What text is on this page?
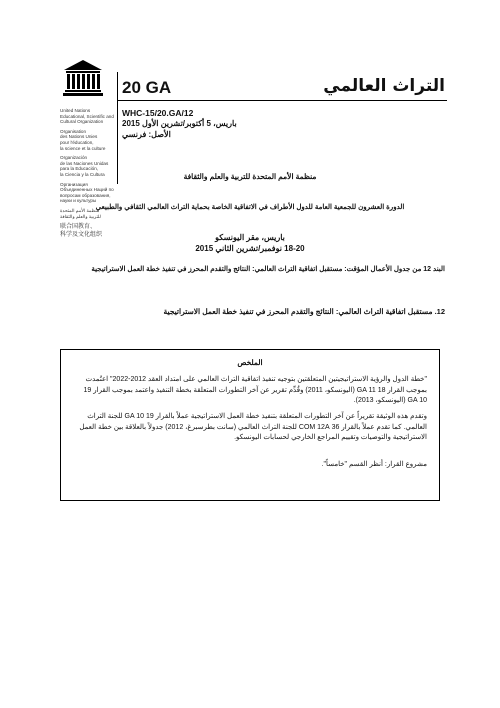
United Nations
Educational, Scientific and
Cultural Organization
Organisation
des Nations Unies
pour l'éducation,
la science et la culture
Organización
de las Naciones Unidas
para la Educación,
la Ciencia y la Cultura
Организация
Объединенных Наций по
вопросам образования,
науки и культуры
منظمة الأمم المتحدة
للتربية والعلم والثقافة
联合国教育、
科学及文化组织
20 GA	التراث العالمي
WHC-15/20.GA/12
باريس، 5 أكتوبر/تشرين الأول 2015
الأصل: فرنسي
منظمة الأمم المتحدة للتربية والعلم والثقافة
الدورة العشرون للجمعية العامة للدول الأطراف في الاتفاقية الخاصة بحماية التراث العالمي الثقافي والطبيعي
باريس، مقر اليونسكو
18-20 نوفمبر/تشرين الثاني 2015
البند 12 من جدول الأعمال المؤقت: مستقبل اتفاقية التراث العالمي: النتائج والتقدم المحرز في تنفيذ خطة العمل الاستراتيجية
12. مستقبل اتفاقية التراث العالمي: النتائج والتقدم المحرز في تنفيذ خطة العمل الاستراتيجية
الملخص
"خطة الدول والرؤية الاستراتيجيتين المتعلقتين بتوجيه تنفيذ اتفاقية التراث العالمي على امتداد العقد 2012-2022" اعتُمدت بموجب القرار 18 GA 11 (اليونسكو، 2011) وقُدِّم تقرير عن آخر التطورات المتعلقة بخطة التنفيذ واعتمد بموجب القرار 19 GA 10 (اليونسكو، 2013).
وتقدم هذه الوثيقة تقريراً عن آخر التطورات المتعلقة بتنفيذ خطة العمل الاستراتيجية عملاً بالقرار 19 GA 10 للجنة التراث العالمي. كما تقدم عملاً بالقرار 36 COM 12A للجنة التراث العالمي (سانت بطرسبرغ، 2012) جدولاً بالعلاقة بين خطة العمل الاستراتيجية والتوصيات وتقييم المراجع الخارجي لحسابات اليونسكو.
مشروع القرار: أنظر القسم "خامساً".
